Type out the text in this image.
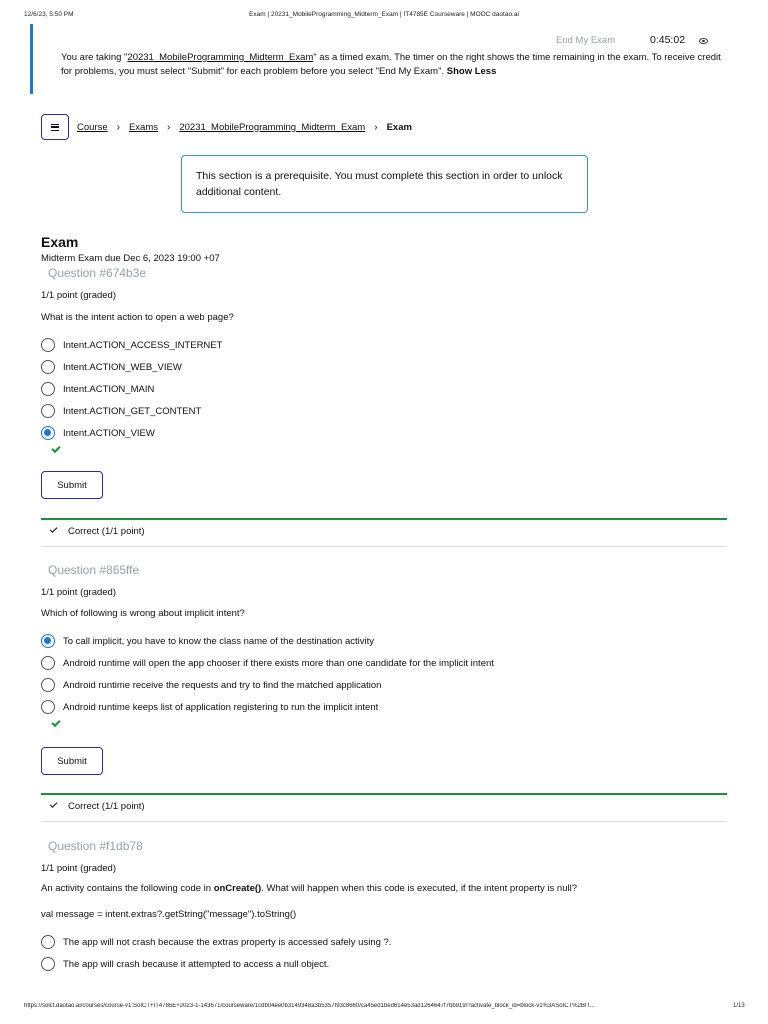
12/6/23, 5:50 PM	Exam | 20231_MobileProgramming_Midterm_Exam | IT4785E Courseware | MOOC daotao.ai
End My Exam	0:45:02
You are taking "20231_MobileProgramming_Midterm_Exam" as a timed exam. The timer on the right shows the time remaining in the exam. To receive credit for problems, you must select "Submit" for each problem before you select "End My Exam". Show Less
Course › Exams › 20231_MobileProgramming_Midterm_Exam › Exam
This section is a prerequisite. You must complete this section in order to unlock additional content.
Exam
Midterm Exam due Dec 6, 2023 19:00 +07
Question #674b3e
1/1 point (graded)
What is the intent action to open a web page?
Intent.ACTION_ACCESS_INTERNET
Intent.ACTION_WEB_VIEW
Intent.ACTION_MAIN
Intent.ACTION_GET_CONTENT
Intent.ACTION_VIEW
Submit
Correct (1/1 point)
Question #865ffe
1/1 point (graded)
Which of following is wrong about implicit intent?
To call implicit, you have to know the class name of the destination activity
Android runtime will open the app chooser if there exists more than one candidate for the implicit intent
Android runtime receive the requests and try to find the matched application
Android runtime keeps list of application registering to run the implicit intent
Submit
Correct (1/1 point)
Question #f1db78
1/1 point (graded)
An activity contains the following code in onCreate(). What will happen when this code is executed, if the intent property is null?
val message = intent.extras?.getString("message").toString()
The app will not crash because the extras property is accessed safely using ?.
The app will crash because it attempted to access a null object.
https://solct.daotao.ai/courses/course-v1:SoICT+IT4785E+2023-1-143671/courseware/1cdb04ee0b3149348a3b5357f93c8660/ca45ed1bed614e53ad1264647f7bb919/?activate_block_id=block-v1%3ASoICT%2BIT...	1/13
